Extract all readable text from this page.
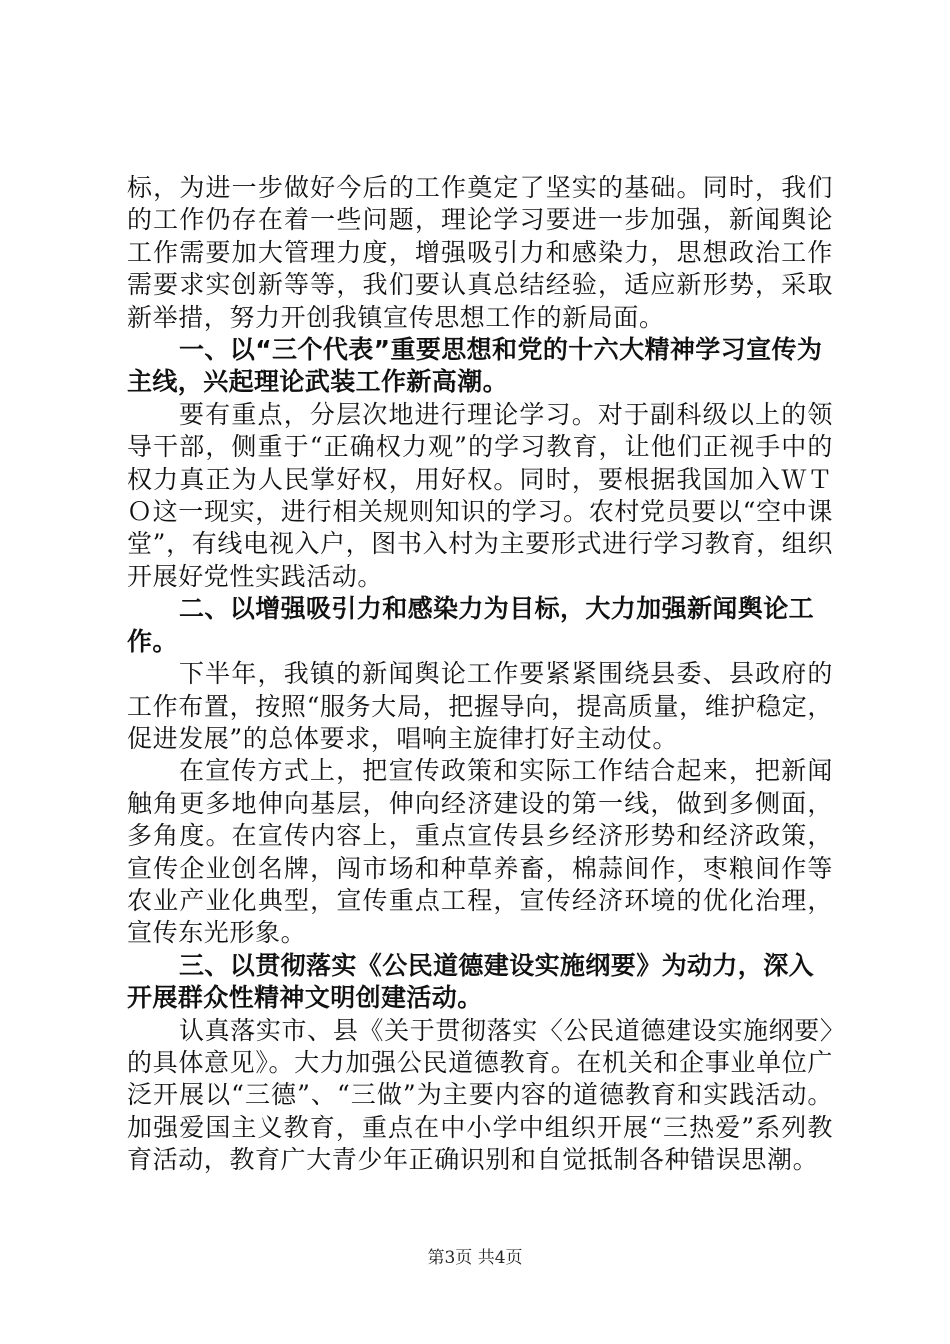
标，为进一步做好今后的工作奠定了坚实的基础。同时，我们的工作仍存在着一些问题，理论学习要进一步加强，新闻舆论工作需要加大管理力度，增强吸引力和感染力，思想政治工作需要求实创新等等，我们要认真总结经验，适应新形势，采取新举措，努力开创我镇宣传思想工作的新局面。

一、以“三个代表”重要思想和党的十六大精神学习宣传为主线，兴起理论武装工作新高潮。

要有重点，分层次地进行理论学习。对于副科级以上的领导干部，侧重于“正确权力观”的学习教育，让他们正视手中的权力真正为人民掌好权，用好权。同时，要根据我国加入ＷＴＯ这一现实，进行相关规则知识的学习。农村党员要以“空中课堂”，有线电视入户，图书入村为主要形式进行学习教育，组织开展好党性实践活动。

二、以增强吸引力和感染力为目标，大力加强新闻舆论工作。

下半年，我镇的新闻舆论工作要紧紧围绕县委、县政府的工作布置，按照“服务大局，把握导向，提高质量，维护稳定，促进发展”的总体要求，唱响主旋律打好主动仗。

在宣传方式上，把宣传政策和实际工作结合起来，把新闻触角更多地伸向基层，伸向经济建设的第一线，做到多侧面，多角度。在宣传内容上，重点宣传县乡经济形势和经济政策，宣传企业创名牌，闯市场和种草养畜，棉蒜间作，枣粮间作等农业产业化典型，宣传重点工程，宣传经济环境的优化治理，宣传东光形象。

三、以贯彻落实《公民道德建设实施纲要》为动力，深入开展群众性精神文明创建活动。

认真落实市、县《关于贯彻落实〈公民道德建设实施纲要〉的具体意见》。大力加强公民道德教育。在机关和企事业单位广泛开展以“三德”、“三做”为主要内容的道德教育和实践活动。加强爱国主义教育，重点在中小学中组织开展“三热爱”系列教育活动，教育广大青少年正确识别和自觉抵制各种错误思潮。

第3页 共4页
